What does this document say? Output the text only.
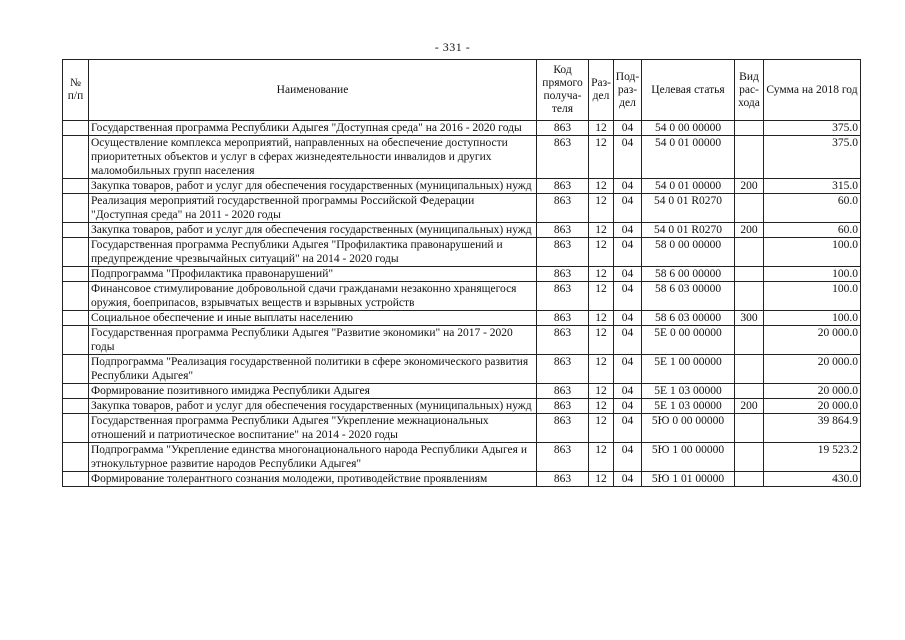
- 331 -
№ п/п	Наименование	Код прямого получа-теля	Раз-дел	Под-раз-дел	Целевая статья	Вид рас-хода	Сумма на 2018 год
	Государственная программа Республики Адыгея "Доступная среда" на 2016 - 2020 годы	863	12	04	54 0 00 00000		375.0
	Осуществление комплекса мероприятий, направленных на обеспечение доступности приоритетных объектов и услуг в сферах жизнедеятельности инвалидов и других маломобильных групп населения	863	12	04	54 0 01 00000		375.0
	Закупка товаров, работ и услуг для обеспечения государственных (муниципальных) нужд	863	12	04	54 0 01 00000	200	315.0
	Реализация мероприятий государственной программы Российской Федерации "Доступная среда" на 2011 - 2020 годы	863	12	04	54 0 01 R0270		60.0
	Закупка товаров, работ и услуг для обеспечения государственных (муниципальных) нужд	863	12	04	54 0 01 R0270	200	60.0
	Государственная программа Республики Адыгея "Профилактика правонарушений и предупреждение чрезвычайных ситуаций" на 2014 - 2020 годы	863	12	04	58 0 00 00000		100.0
	Подпрограмма "Профилактика правонарушений"	863	12	04	58 6 00 00000		100.0
	Финансовое стимулирование добровольной сдачи гражданами незаконно хранящегося оружия, боеприпасов, взрывчатых веществ и взрывных устройств	863	12	04	58 6 03 00000		100.0
	Социальное обеспечение и иные выплаты населению	863	12	04	58 6 03 00000	300	100.0
	Государственная программа Республики Адыгея "Развитие экономики" на 2017 - 2020 годы	863	12	04	5Е 0 00 00000		20 000.0
	Подпрограмма "Реализация государственной политики в сфере экономического развития Республики Адыгея"	863	12	04	5Е 1 00 00000		20 000.0
	Формирование позитивного имиджа Республики Адыгея	863	12	04	5Е 1 03 00000		20 000.0
	Закупка товаров, работ и услуг для обеспечения государственных (муниципальных) нужд	863	12	04	5Е 1 03 00000	200	20 000.0
	Государственная программа Республики Адыгея "Укрепление межнациональных отношений и патриотическое воспитание" на 2014 - 2020 годы	863	12	04	5Ю 0 00 00000		39 864.9
	Подпрограмма "Укрепление единства многонационального народа Республики Адыгея и этнокультурное развитие народов Республики Адыгея"	863	12	04	5Ю 1 00 00000		19 523.2
	Формирование толерантного сознания молодежи, противодействие проявлениям	863	12	04	5Ю 1 01 00000		430.0
